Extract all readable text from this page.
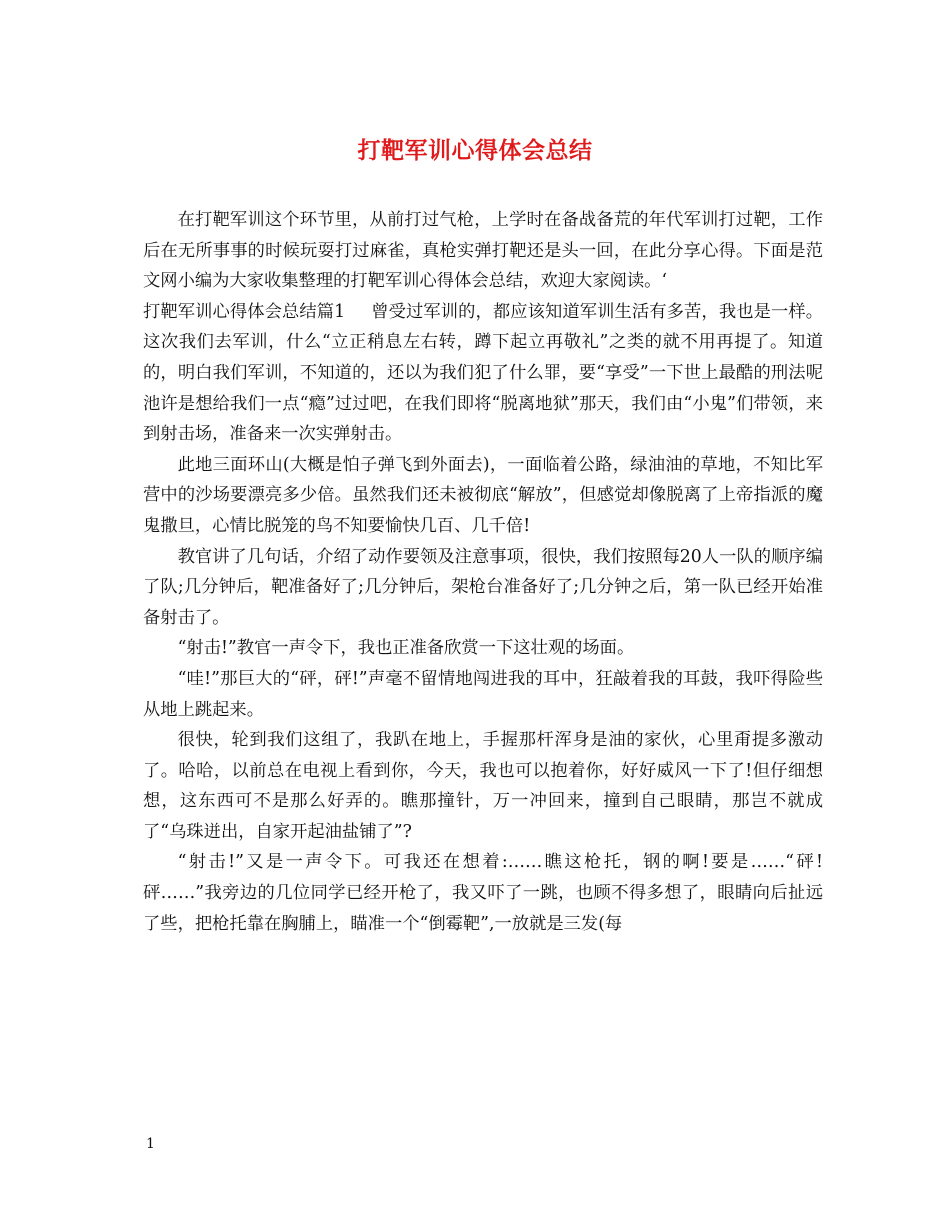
打靶军训心得体会总结

在打靶军训这个环节里，从前打过气枪，上学时在备战备荒的年代军训打过靶，工作后在无所事事的时候玩耍打过麻雀，真枪实弹打靶还是头一回，在此分享心得。下面是范文网小编为大家收集整理的打靶军训心得体会总结，欢迎大家阅读。‘

打靶军训心得体会总结篇1 曾受过军训的，都应该知道军训生活有多苦，我也是一样。这次我们去军训，什么“立正稍息左右转，蹲下起立再敬礼”之类的就不用再提了。知道的，明白我们军训，不知道的，还以为我们犯了什么罪，要“享受”一下世上最酷的刑法呢池许是想给我们一点“瘾”过过吧，在我们即将“脱离地狱”那天，我们由“小鬼”们带领，来到射击场，准备来一次实弹射击。

此地三面环山(大概是怕子弹飞到外面去)，一面临着公路，绿油油的草地，不知比军营中的沙场要漂亮多少倍。虽然我们还未被彻底“解放”，但感觉却像脱离了上帝指派的魔鬼撒旦，心情比脱笼的鸟不知要愉快几百、几千倍!

教官讲了几句话，介绍了动作要领及注意事项，很快，我们按照每20人一队的顺序编了队;几分钟后，靶准备好了;几分钟后，架枪台准备好了;几分钟之后，第一队已经开始准备射击了。

“射击!”教官一声令下，我也正准备欣赏一下这壮观的场面。

“哇!”那巨大的“砰，砰!”声毫不留情地闯进我的耳中，狂敲着我的耳鼓，我吓得险些从地上跳起来。

很快，轮到我们这组了，我趴在地上，手握那杆浑身是油的家伙，心里甭提多激动了。哈哈，以前总在电视上看到你，今天，我也可以抱着你，好好威风一下了!但仔细想想，这东西可不是那么好弄的。瞧那撞针，万一冲回来，撞到自己眼睛，那岂不就成了“乌珠迸出，自家开起油盐铺了”?

“射击!”又是一声令下。可我还在想着:……瞧这枪托，钢的啊!要是……“砰!砰……”我旁边的几位同学已经开枪了，我又吓了一跳，也顾不得多想了，眼睛向后扯远了些，把枪托靠在胸脯上，瞄准一个“倒霉靶”,一放就是三发(每

1
